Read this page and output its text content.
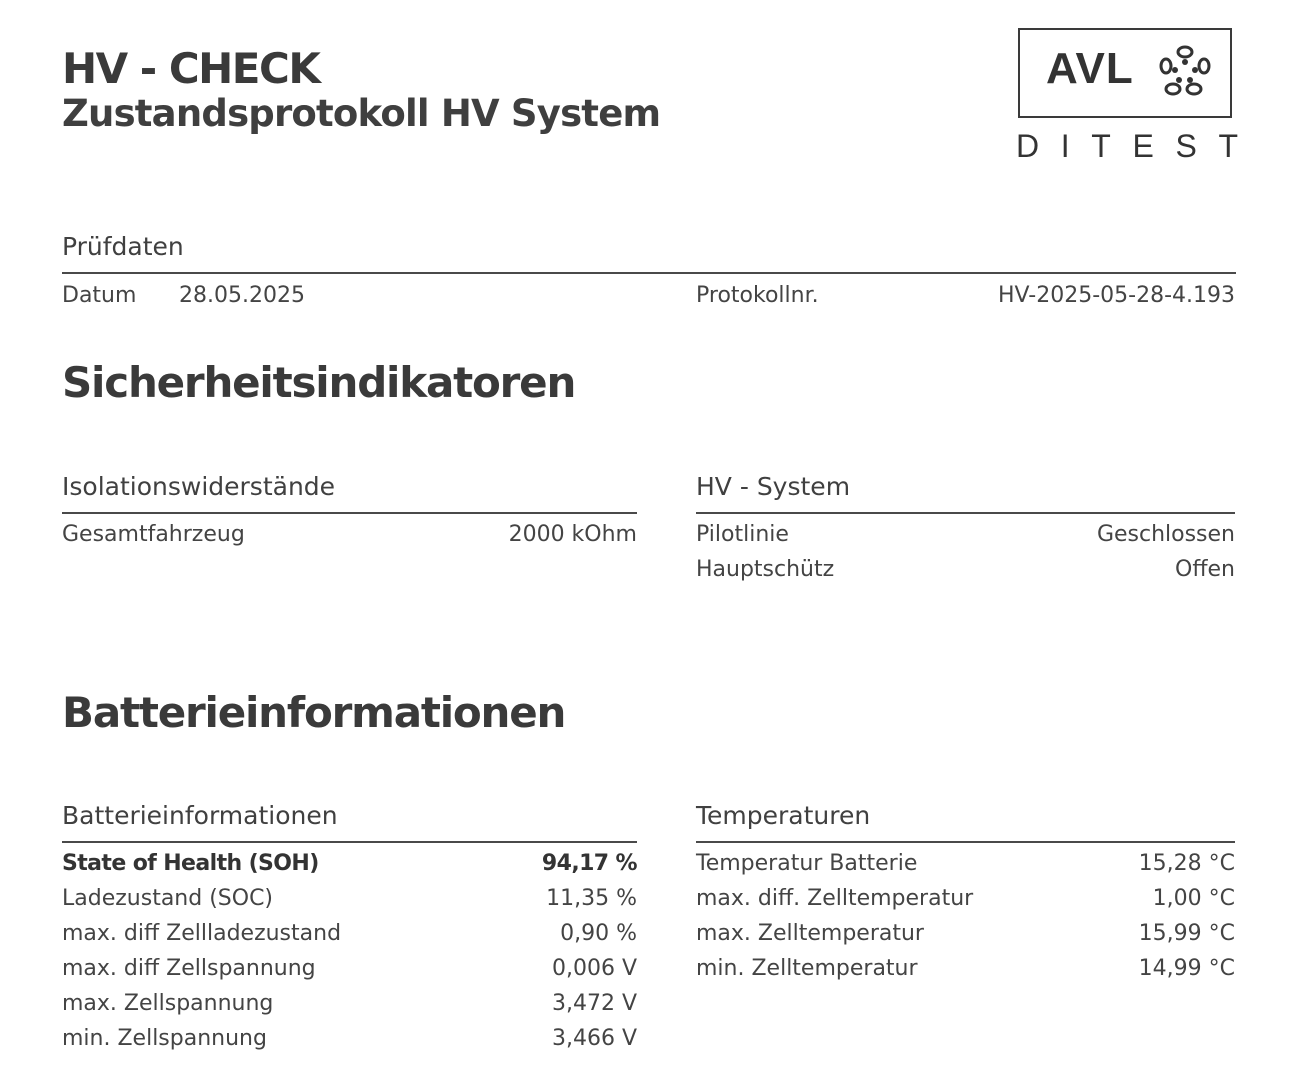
HV - CHECK
Zustandsprotokoll HV System
AVL
D I T E S T
Prüfdaten
Datum 28.05.2025	Protokollnr.	HV-2025-05-28-4.193
Sicherheitsindikatoren
Isolationswiderstände
Gesamtfahrzeug	2000 kOhm
HV - System
Pilotlinie	Geschlossen
Hauptschütz	Offen
Batterieinformationen
Batterieinformationen
State of Health (SOH)	94,17 %
Ladezustand (SOC)	11,35 %
max. diff Zellladezustand	0,90 %
max. diff Zellspannung	0,006 V
max. Zellspannung	3,472 V
min. Zellspannung	3,466 V
Temperaturen
Temperatur Batterie	15,28 °C
max. diff. Zelltemperatur	1,00 °C
max. Zelltemperatur	15,99 °C
min. Zelltemperatur	14,99 °C
